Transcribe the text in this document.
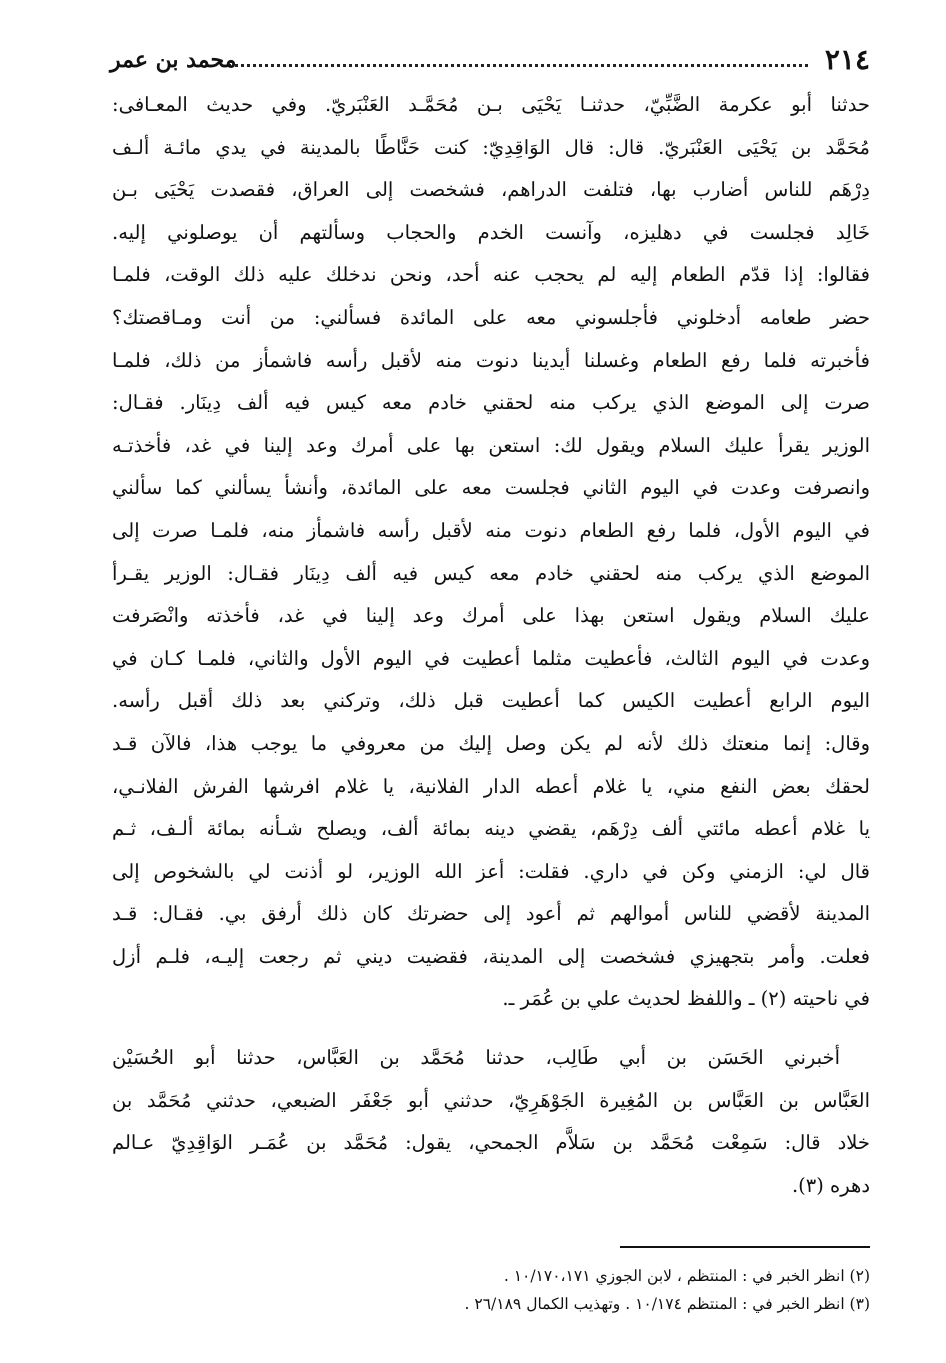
٢١٤
محمد بن عمر
حدثنا أبو عكرمة الضَّبِّيّ، حدثنـا يَحْيَى بـن مُحَمَّـد العَنْبَريّ. وفي حديث المعـافى:
مُحَمَّد بن يَحْيَى العَنْبَريّ. قال: قال الوَاقِدِيّ: كنت حَنَّاطًا بالمدينة في يدي مائـة ألـف
دِرْهَم للناس أضارب بها، فتلفت الدراهم، فشخصت إلى العراق، فقصدت يَحْيَى بـن
خَالِد فجلست في دهليزه، وآنست الخدم والحجاب وسألتهم أن يوصلوني إليه.
فقالوا: إذا قدّم الطعام إليه لم يحجب عنه أحد، ونحن ندخلك عليه ذلك الوقت، فلمـا
حضر طعامه أدخلوني فأجلسوني معه على المائدة فسألني: من أنت ومـاقصتك؟
فأخبرته فلما رفع الطعام وغسلنا أيدينا دنوت منه لأقبل رأسه فاشمأز من ذلك، فلمـا
صرت إلى الموضع الذي يركب منه لحقني خادم معه كيس فيه ألف دِينَار. فقـال:
الوزير يقرأ عليك السلام ويقول لك: استعن بها على أمرك وعد إلينا في غد، فأخذتـه
وانصرفت وعدت في اليوم الثاني فجلست معه على المائدة، وأنشأ يسألني كما سألني
في اليوم الأول، فلما رفع الطعام دنوت منه لأقبل رأسه فاشمأز منه، فلمـا صرت إلى
الموضع الذي يركب منه لحقني خادم معه كيس فيه ألف دِينَار فقـال: الوزير يقـرأ
عليك السلام ويقول استعن بهذا على أمرك وعد إلينا في غد، فأخذته وانْصَرفت
وعدت في اليوم الثالث، فأعطيت مثلما أعطيت في اليوم الأول والثاني، فلمـا كـان في
اليوم الرابع أعطيت الكيس كما أعطيت قبل ذلك، وتركني بعد ذلك أقبل رأسه.
وقال: إنما منعتك ذلك لأنه لم يكن وصل إليك من معروفي ما يوجب هذا، فالآن قـد
لحقك بعض النفع مني، يا غلام أعطه الدار الفلانية، يا غلام افرشها الفرش الفلانـي،
يا غلام أعطه مائتي ألف دِرْهَم، يقضي دينه بمائة ألف، ويصلح شـأنه بمائة ألـف، ثـم
قال لي: الزمني وكن في داري. فقلت: أعز الله الوزير، لو أذنت لي بالشخوص إلى
المدينة لأقضي للناس أموالهم ثم أعود إلى حضرتك كان ذلك أرفق بي. فقـال: قـد
فعلت. وأمر بتجهيزي فشخصت إلى المدينة، فقضيت ديني ثم رجعت إليـه، فلـم أزل
في ناحيته (٢) ـ واللفظ لحديث علي بن عُمَر ـ.
أخبرني الحَسَن بن أبي طَالِب، حدثنا مُحَمَّد بن العَبَّاس، حدثنا أبو الحُسَيْن
العَبَّاس بن العَبَّاس بن المُغِيرة الجَوْهَرِيّ، حدثني أبو جَعْفَر الضبعي، حدثني مُحَمَّد بن
خلاد قال: سَمِعْت مُحَمَّد بن سَلاَّم الجمحي، يقول: مُحَمَّد بن عُمَـر الوَاقِدِيّ عـالم
دهره (٣).
(٢) انظر الخبر في : المنتظم ، لابن الجوزي ١٠/١٧٠،١٧١ .
(٣) انظر الخبر في : المنتظم ١٠/١٧٤ . وتهذيب الكمال ٢٦/١٨٩ .
